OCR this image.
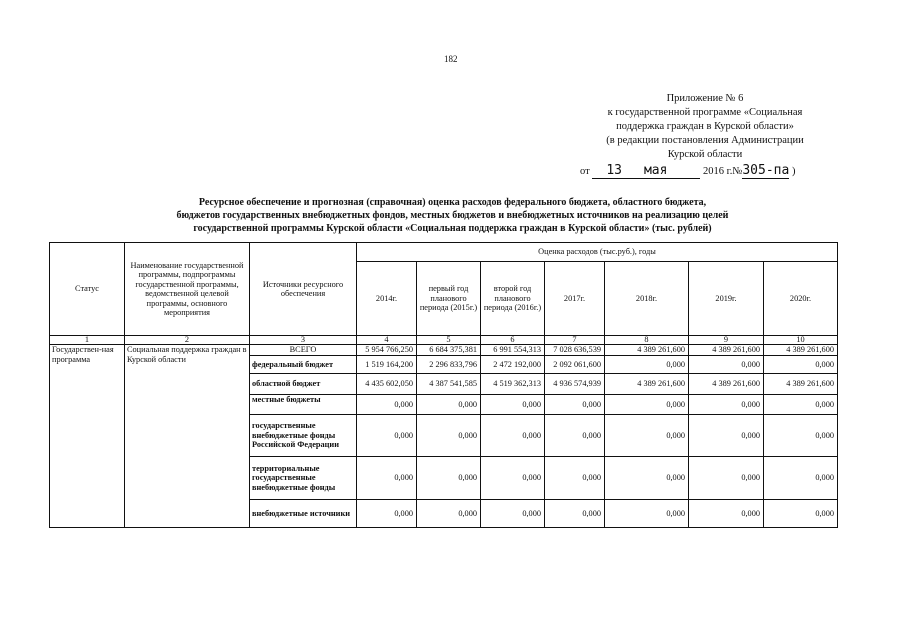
182
Приложение № 6
к государственной программе «Социальная
поддержка граждан в Курской области»
(в редакции постановления Администрации
Курской области
от 13 мая	2016 г.№305-па )
Ресурсное обеспечение и прогнозная (справочная) оценка расходов федерального бюджета, областного бюджета,
бюджетов государственных внебюджетных фондов, местных бюджетов и внебюджетных источников на реализацию целей
государственной программы Курской области «Социальная поддержка граждан в Курской области» (тыс. рублей)
Статус	Наименование государственной программы, подпрограммы государственной программы, ведомственной целевой программы, основного мероприятия	Источники ресурсного обеспечения	Оценка расходов (тыс.руб.), годы						
			2014г.	первый год планового периода (2015г.)	второй год планового периода (2016г.)	2017г.	2018г.	2019г.	2020г.
1	2	3	4	5	6	7	8	9	10
Государствен-ная программа	Социальная поддержка граждан в Курской области	ВСЕГО	5 954 766,250	6 684 375,381	6 991 554,313	7 028 636,539	4 389 261,600	4 389 261,600	4 389 261,600
		федеральный бюджет	1 519 164,200	2 296 833,796	2 472 192,000	2 092 061,600	0,000	0,000	0,000
		областной бюджет	4 435 602,050	4 387 541,585	4 519 362,313	4 936 574,939	4 389 261,600	4 389 261,600	4 389 261,600
		местные бюджеты	0,000	0,000	0,000	0,000	0,000	0,000	0,000
		государственные внебюджетные фонды Российской Федерации	0,000	0,000	0,000	0,000	0,000	0,000	0,000
		территориальные государственные внебюджетные фонды	0,000	0,000	0,000	0,000	0,000	0,000	0,000
		внебюджетные источники	0,000	0,000	0,000	0,000	0,000	0,000	0,000
